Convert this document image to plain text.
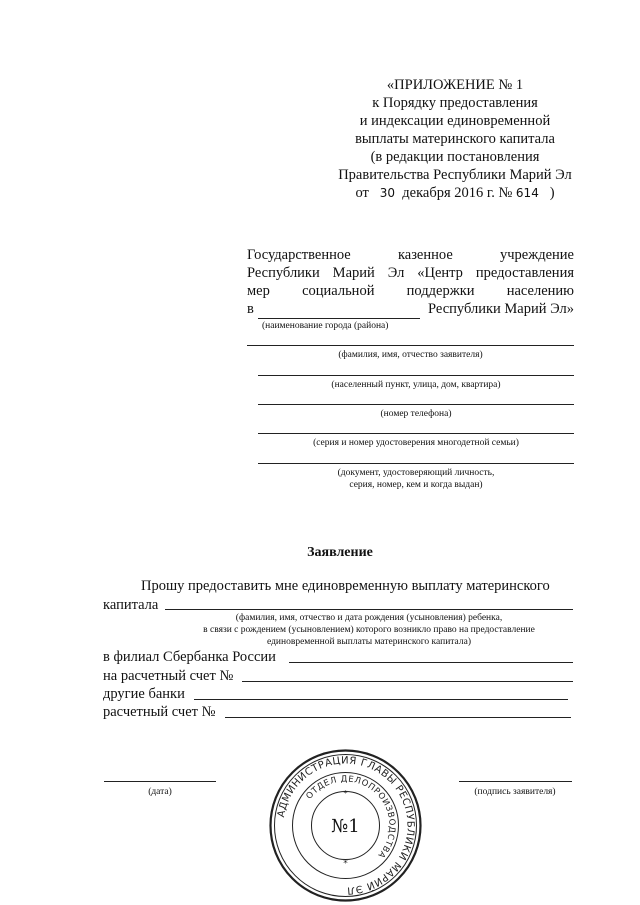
«ПРИЛОЖЕНИЕ № 1
к Порядку предоставления
и индексации единовременной
выплаты материнского капитала
(в редакции постановления
Правительства Республики Марий Эл
от 30 декабря 2016 г. № 614 )
Государственное казенное учреждение
Республики Марий Эл «Центр предоставления
мер социальной поддержки населению
в	Республики Марий Эл»
(наименование города (района)
(фамилия, имя, отчество заявителя)
(населенный пункт, улица, дом, квартира)
(номер телефона)
(серия и номер удостоверения многодетной семьи)
(документ, удостоверяющий личность,
серия, номер, кем и когда выдан)
Заявление
Прошу предоставить мне единовременную выплату материнского
капитала
(фамилия, имя, отчество и дата рождения (усыновления) ребенка,
в связи с рождением (усыновлением) которого возникло право на предоставление
единовременной выплаты материнского капитала)
в филиал Сбербанка России
на расчетный счет №
другие банки
расчетный счет №
(дата)	(подпись заявителя)
АДМИНИСТРАЦИЯ ГЛАВЫ РЕСПУБЛИКИ МАРИЙ ЭЛ
ОТДЕЛ ДЕЛОПРОИЗВОДСТВА
№1
*
*
